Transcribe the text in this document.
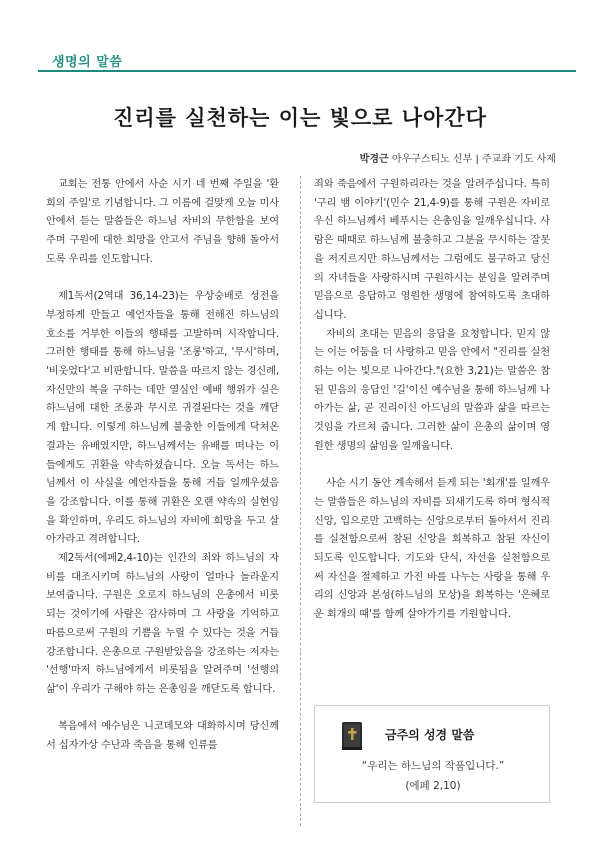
생명의 말씀
진리를 실천하는 이는 빛으로 나아간다
박경근 아우구스티노 신부 | 주교좌 기도 사제

교회는 전통 안에서 사순 시기 네 번째 주일을 '환희의 주일'로 기념합니다. 그 이름에 걸맞게 오늘 미사 안에서 듣는 말씀들은 하느님 자비의 무한함을 보여주며 구원에 대한 희망을 안고서 주님을 향해 돌아서도록 우리를 인도합니다.

제1독서(2역대 36,14-23)는 우상숭배로 성전을 부정하게 만들고 예언자들을 통해 전해진 하느님의 호소를 거부한 이들의 행태를 고발하며 시작합니다. 그러한 행태를 통해 하느님을 '조롱'하고, '무시'하며, '비웃었다'고 비판합니다. 말씀을 따르지 않는 경신례, 자신만의 복을 구하는 데만 열심인 예배 행위가 실은 하느님에 대한 조롱과 무시로 귀결된다는 것을 깨닫게 합니다. 이렇게 하느님께 불충한 이들에게 닥쳐온 결과는 유배였지만, 하느님께서는 유배를 떠나는 이들에게도 귀환을 약속하셨습니다. 오늘 독서는 하느님께서 이 사실을 예언자들을 통해 거듭 일깨우셨음을 강조합니다. 이를 통해 귀환은 오랜 약속의 실현임을 확인하며, 우리도 하느님의 자비에 희망을 두고 살아가라고 격려합니다.

제2독서(에페2,4-10)는 인간의 죄와 하느님의 자비를 대조시키며 하느님의 사랑이 얼마나 놀라운지 보여줍니다. 구원은 오로지 하느님의 은총에서 비롯되는 것이기에 사람은 감사하며 그 사랑을 기억하고 따름으로써 구원의 기쁨을 누릴 수 있다는 것을 거듭 강조합니다. 은총으로 구원받았음을 강조하는 저자는 '선행'마저 하느님에게서 비롯됨을 알려주며 '선행의 삶'이 우리가 구해야 하는 은총임을 깨닫도록 합니다.

복음에서 예수님은 니코데모와 대화하시며 당신께서 십자가상 수난과 죽음을 통해 인류를

죄와 죽음에서 구원하리라는 것을 알려주십니다. 특히 '구리 뱀 이야기'(민수 21,4-9)를 통해 구원은 자비로우신 하느님께서 베푸시는 은총임을 일깨우십니다. 사람은 때때로 하느님께 불충하고 그분을 무시하는 잘못을 저지르지만 하느님께서는 그럼에도 불구하고 당신의 자녀들을 사랑하시며 구원하시는 분임을 알려주며 믿음으로 응답하고 영원한 생명에 참여하도록 초대하십니다.

자비의 초대는 믿음의 응답을 요청합니다. 믿지 않는 이는 어둠을 더 사랑하고 믿음 안에서 "진리를 실천하는 이는 빛으로 나아간다."(요한 3,21)는 말씀은 참된 믿음의 응답인 '길'이신 예수님을 통해 하느님께 나아가는 삶, 곧 진리이신 아드님의 말씀과 삶을 따르는 것임을 가르쳐 줍니다. 그러한 삶이 은총의 삶이며 영원한 생명의 삶임을 일깨웁니다.

사순 시기 동안 계속해서 듣게 되는 '회개'를 일깨우는 말씀들은 하느님의 자비를 되새기도록 하며 형식적 신앙, 입으로만 고백하는 신앙으로부터 돌아서서 진리를 실천함으로써 참된 신앙을 회복하고 참된 자신이 되도록 인도합니다. 기도와 단식, 자선을 실천함으로써 자신을 절제하고 가진 바를 나누는 사랑을 통해 우리의 신앙과 본성(하느님의 모상)을 회복하는 '은혜로운 회개의 때'를 함께 살아가기를 기원합니다.

금주의 성경 말씀
“우리는 하느님의 작품입니다.”
(에페 2,10)
